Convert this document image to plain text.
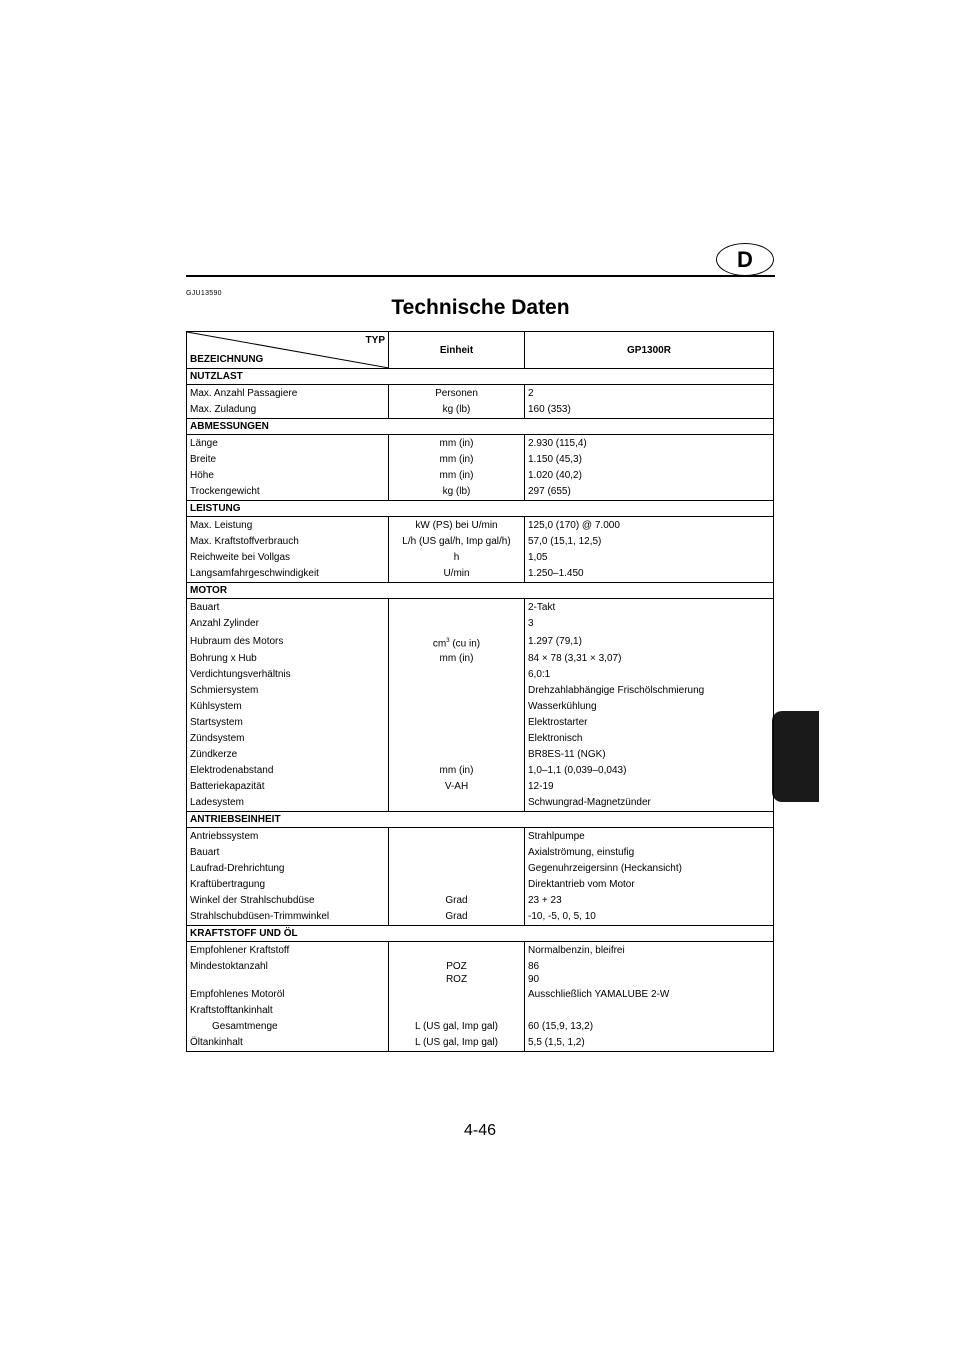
D
GJU13590
Technische Daten
TYP
BEZEICHNUNG
Einheit	GP1300R
NUTZLAST
Max. Anzahl Passagiere
Max. Zuladung
Personen
kg (lb)
2
160 (353)
ABMESSUNGEN
Länge
Breite
Höhe
Trockengewicht
mm (in)
mm (in)
mm (in)
kg (lb)
2.930 (115,4)
1.150 (45,3)
1.020 (40,2)
297 (655)
LEISTUNG
Max. Leistung
Max. Kraftstoffverbrauch
Reichweite bei Vollgas
Langsamfahrgeschwindigkeit
kW (PS) bei U/min
L/h (US gal/h, Imp gal/h)
h
U/min
125,0 (170) @ 7.000
57,0 (15,1, 12,5)
1,05
1.250–1.450
MOTOR
Bauart
Anzahl Zylinder
Hubraum des Motors
Bohrung x Hub
Verdichtungsverhältnis
Schmiersystem
Kühlsystem
Startsystem
Zündsystem
Zündkerze
Elektrodenabstand
Batteriekapazität
Ladesystem
$cm^3$ (cu in)
mm (in)
mm (in)
V-AH
2-Takt
3
1.297 (79,1)
84 × 78 (3,31 × 3,07)
6,0:1
Drehzahlabhängige Frischölschmierung
Wasserkühlung
Elektrostarter
Elektronisch
BR8ES-11 (NGK)
1,0–1,1 (0,039–0,043)
12-19
Schwungrad-Magnetzünder
ANTRIEBSEINHEIT
Antriebssystem
Bauart
Laufrad-Drehrichtung
Kraftübertragung
Winkel der Strahlschubdüse
Strahlschubdüsen-Trimmwinkel
Grad
Grad
Strahlpumpe
Axialströmung, einstufig
Gegenuhrzeigersinn (Heckansicht)
Direktantrieb vom Motor
23 + 23
-10, -5, 0, 5, 10
KRAFTSTOFF UND ÖL
Empfohlener Kraftstoff
Mindestoktanzahl
Empfohlenes Motoröl
Kraftstofftankinhalt
Gesamtmenge
Öltankinhalt
POZ
ROZ
L (US gal, Imp gal)
L (US gal, Imp gal)
Normalbenzin, bleifrei
86
90
Ausschließlich YAMALUBE 2-W
60 (15,9, 13,2)
5,5 (1,5, 1,2)
4-46
